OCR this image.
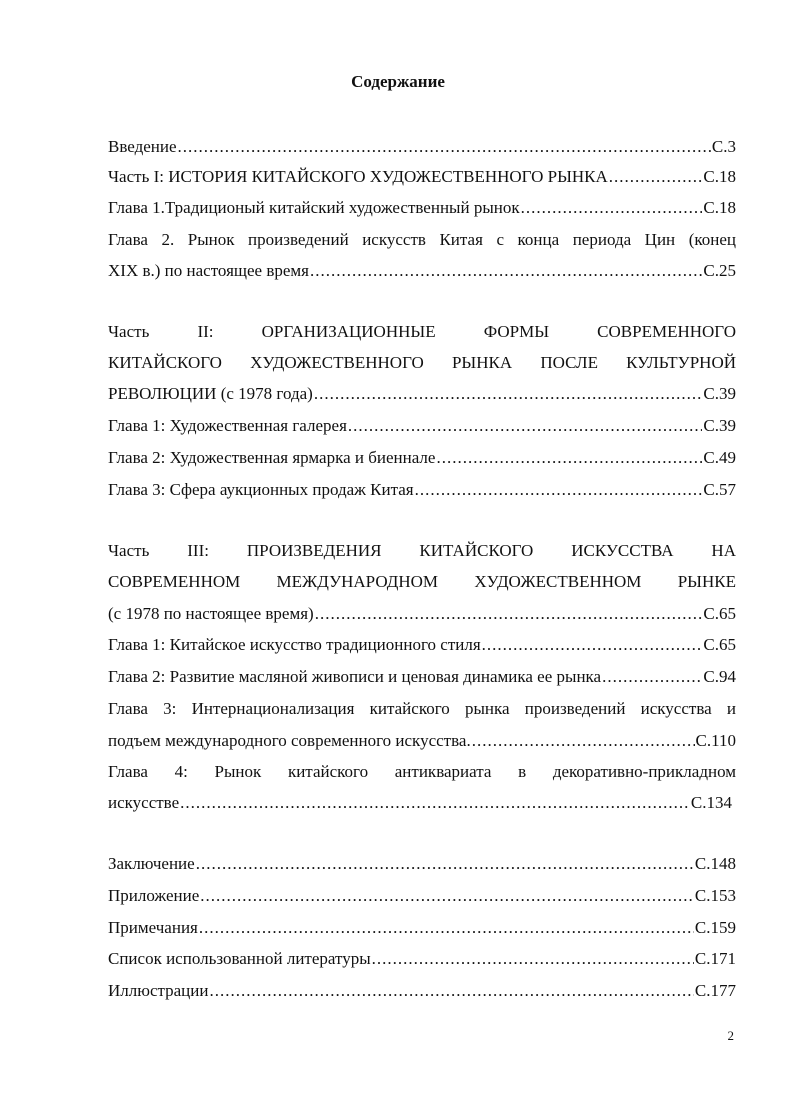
Содержание
Введение .....	С.3
Часть I: ИСТОРИЯ КИТАЙСКОГО ХУДОЖЕСТВЕННОГО РЫНКА .....	С.18
Глава 1.Традиционый китайский художественный рынок .....	С.18
Глава 2. Рынок произведений искусств Китая с конца периода Цин (конец
XIX в.) по настоящее время .....	С.25
Часть II: ОРГАНИЗАЦИОННЫЕ ФОРМЫ СОВРЕМЕННОГО
КИТАЙСКОГО ХУДОЖЕСТВЕННОГО РЫНКА ПОСЛЕ КУЛЬТУРНОЙ
РЕВОЛЮЦИИ (с 1978 года) .....	С.39
Глава 1: Художественная галерея .....	С.39
Глава 2: Художественная ярмарка и биеннале .....	С.49
Глава 3: Сфера аукционных продаж Китая .....	С.57
Часть III: ПРОИЗВЕДЕНИЯ КИТАЙСКОГО ИСКУССТВА НА
СОВРЕМЕННОМ МЕЖДУНАРОДНОМ ХУДОЖЕСТВЕННОМ РЫНКЕ
(с 1978 по настоящее время) .....	С.65
Глава 1: Китайское искусство традиционного стиля .....	С.65
Глава 2: Развитие масляной живописи и ценовая динамика ее рынка .....	С.94
Глава 3: Интернационализация китайского рынка произведений искусства и
подъем международного современного искусства. .....	С.110
Глава 4: Рынок китайского антиквариата в декоративно-прикладном
искусстве .....	С.134
Заключение .....	С.148
Приложение .....	С.153
Примечания .....	С.159
Список использованной литературы .....	С.171
Иллюстрации .....	С.177
2
